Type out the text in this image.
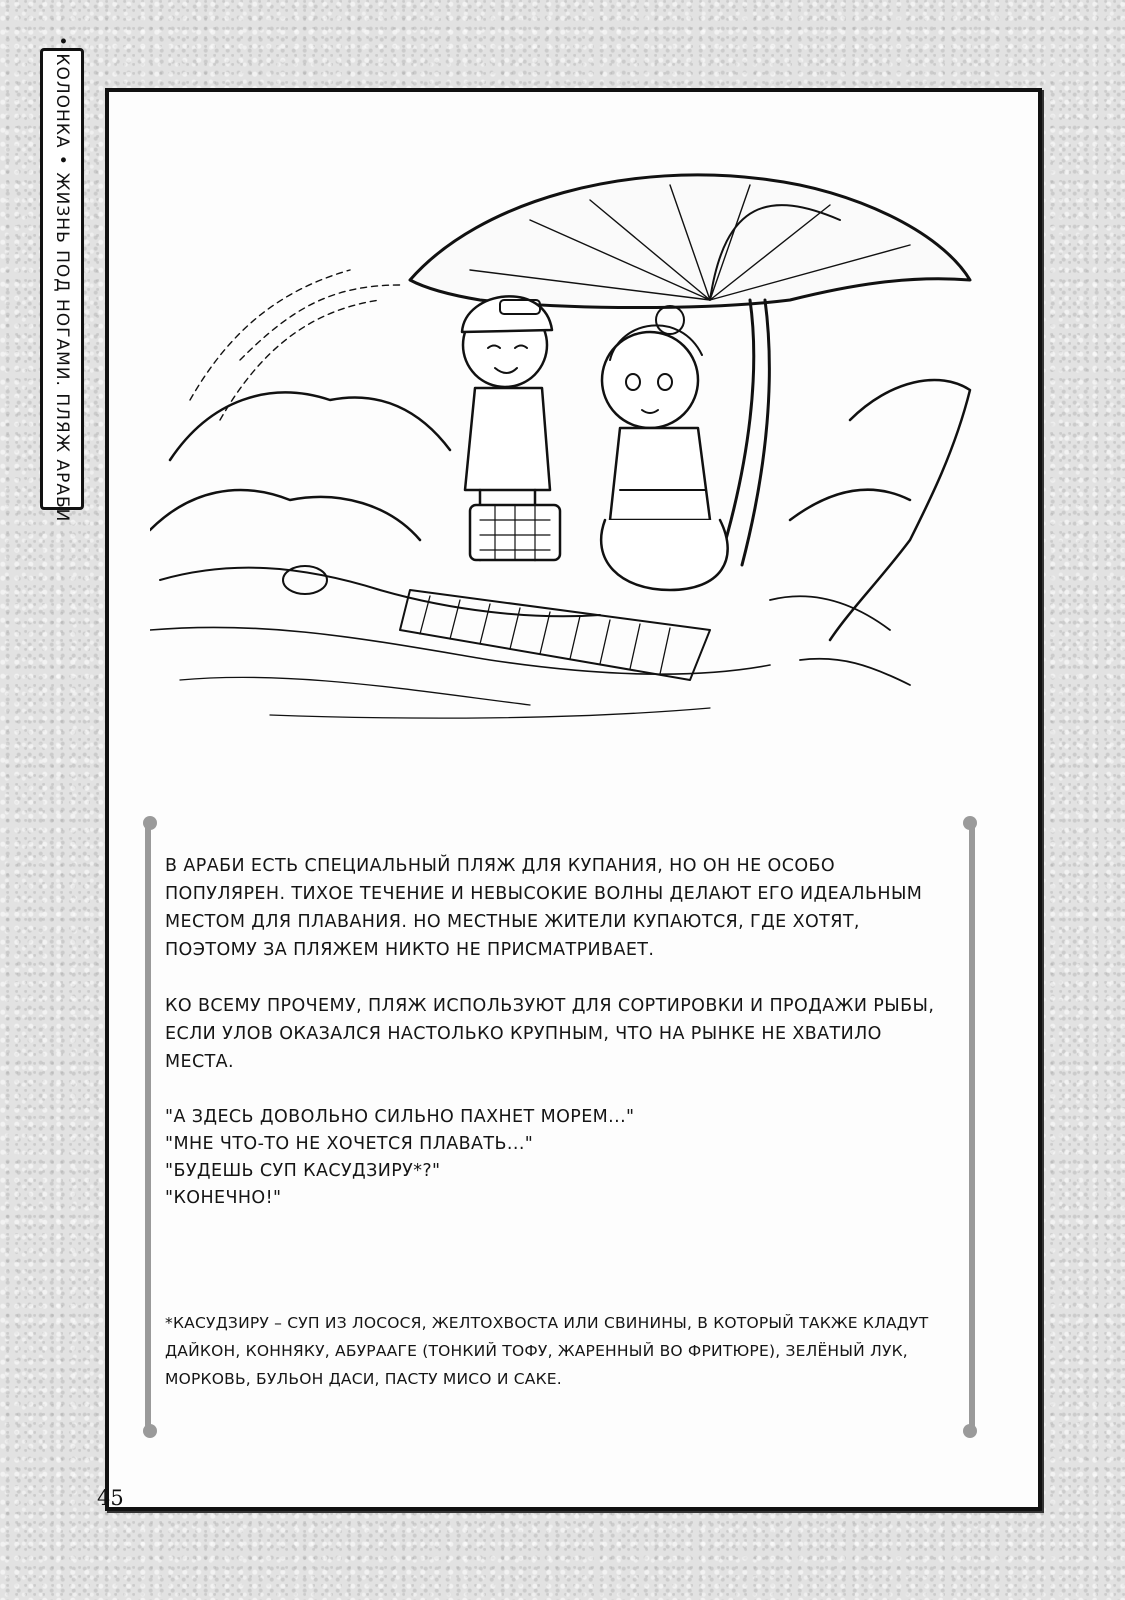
• КОЛОНКА • ЖИЗНЬ ПОД НОГАМИ. ПЛЯЖ АРАБИ

В АРАБИ ЕСТЬ СПЕЦИАЛЬНЫЙ ПЛЯЖ ДЛЯ КУПАНИЯ, НО ОН НЕ ОСОБО ПОПУЛЯРЕН. ТИХОЕ ТЕЧЕНИЕ И НЕВЫСОКИЕ ВОЛНЫ ДЕЛАЮТ ЕГО ИДЕАЛЬНЫМ МЕСТОМ ДЛЯ ПЛАВАНИЯ. НО МЕСТНЫЕ ЖИТЕЛИ КУПАЮТСЯ, ГДЕ ХОТЯТ, ПОЭТОМУ ЗА ПЛЯЖЕМ НИКТО НЕ ПРИСМАТРИВАЕТ.

КО ВСЕМУ ПРОЧЕМУ, ПЛЯЖ ИСПОЛЬЗУЮТ ДЛЯ СОРТИРОВКИ И ПРОДАЖИ РЫБЫ, ЕСЛИ УЛОВ ОКАЗАЛСЯ НАСТОЛЬКО КРУПНЫМ, ЧТО НА РЫНКЕ НЕ ХВАТИЛО МЕСТА.

"А ЗДЕСЬ ДОВОЛЬНО СИЛЬНО ПАХНЕТ МОРЕМ..."
"МНЕ ЧТО-ТО НЕ ХОЧЕТСЯ ПЛАВАТЬ..."
"БУДЕШЬ СУП КАСУДЗИРУ*?"
"КОНЕЧНО!"
*КАСУДЗИРУ – СУП ИЗ ЛОСОСЯ, ЖЕЛТОХВОСТА ИЛИ СВИНИНЫ, В КОТОРЫЙ ТАКЖЕ КЛАДУТ ДАЙКОН, КОННЯКУ, АБУРААГЕ (ТОНКИЙ ТОФУ, ЖАРЕННЫЙ ВО ФРИТЮРЕ), ЗЕЛЁНЫЙ ЛУК, МОРКОВЬ, БУЛЬОН ДАСИ, ПАСТУ МИСО И САКЕ.
45
